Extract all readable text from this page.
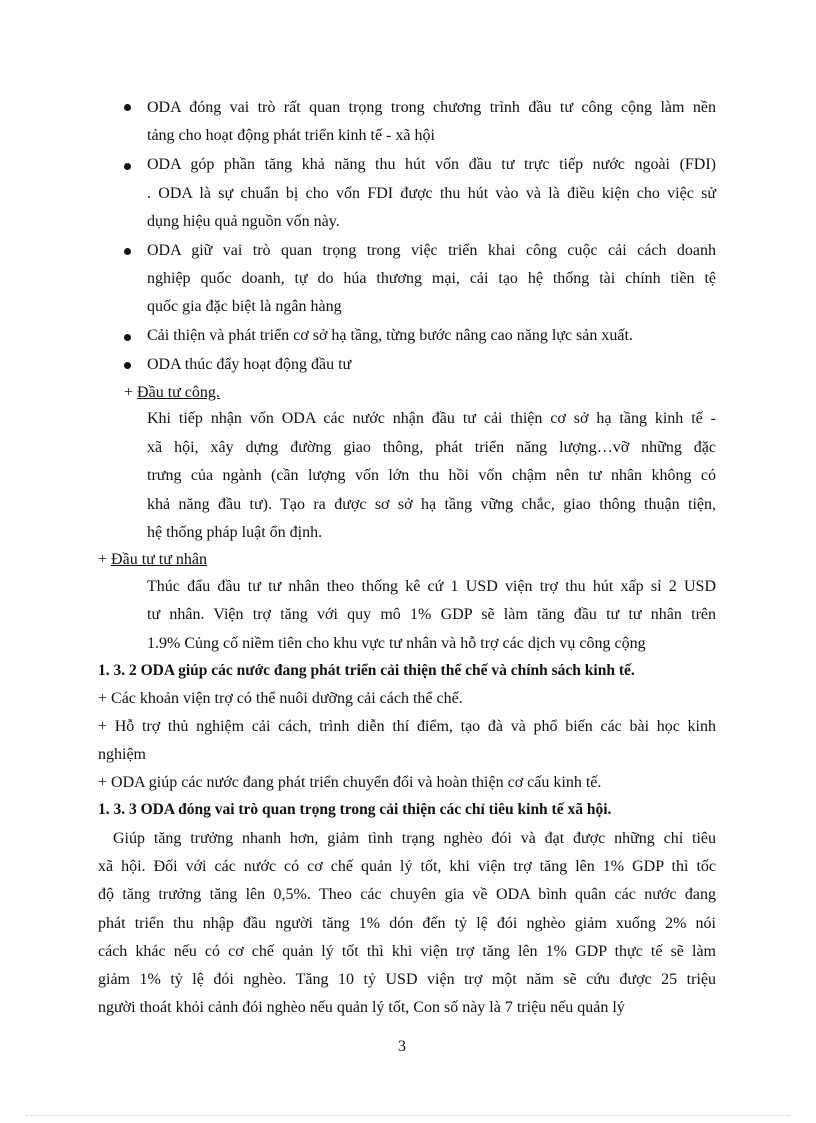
ODA đóng vai trò rất quan trọng trong chương trình đầu tư công cộng làm nền
tảng cho hoạt động phát triển kinh tế - xã hội
ODA góp phần tăng khả năng thu hút vốn đầu tư trực tiếp nước ngoài (FDI)
. ODA là sự chuẩn bị cho vốn FDI được thu hút vào và là điều kiện cho việc sử
dụng hiệu quả nguồn vốn này.
ODA giữ vai trò quan trọng trong việc triển khai công cuộc cải cách doanh
nghiệp quốc doanh, tự do húa thương mại, cải tạo hệ thống tài chính tiền tệ
quốc gia đặc biệt là ngân hàng
Cải thiện và phát triển cơ sở hạ tầng, từng bước nâng cao năng lực sản xuất.
ODA thúc đẩy hoạt động đầu tư
+ Đầu tư công.
Khi tiếp nhận vốn ODA các nước nhận đầu tư cải thiện cơ sở hạ tầng kinh tế -
xã hội, xây dựng đường giao thông, phát triển năng lượng…vỡ những đặc
trưng của ngành (cần lượng vốn lớn thu hồi vốn chậm nên tư nhân không có
khả năng đầu tư). Tạo ra được sơ sở hạ tầng vững chắc, giao thông thuận tiện,
hệ thống pháp luật ổn định.
+ Đầu tư tư nhân
Thúc đẩu đầu tư tư nhân theo thống kê cứ 1 USD viện trợ thu hút xấp sỉ 2 USD
tư nhân. Viện trợ tăng với quy mô 1% GDP sẽ làm tăng đầu tư tư nhân trên
1.9% Củng cố niềm tiên cho khu vực tư nhân và hỗ trợ các dịch vụ công cộng
1. 3. 2 ODA giúp các nước đang phát triển cải thiện thể chế và chính sách kinh tế.
+ Các khoản viện trợ có thể nuôi dưỡng cải cách thể chế.
+ Hỗ trợ thủ nghiệm cải cách, trình diễn thí điểm, tạo đà và phổ biến các bài học kinh
nghiệm
+ ODA giúp các nước đang phát triển chuyển đổi và hoàn thiện cơ cấu kinh tế.
1. 3. 3 ODA đóng vai trò quan trọng trong cải thiện các chỉ tiêu kinh tế xã hội.
Giúp tăng trưởng nhanh hơn, giảm tình trạng nghèo đói và đạt được những chỉ tiêu
xã hội. Đối với các nước có cơ chế quản lý tốt, khi viện trợ tăng lên 1% GDP thì tốc
độ tăng trưởng tăng lên 0,5%. Theo các chuyên gia về ODA bình quân các nước đang
phát triển thu nhập đầu người tăng 1% dón đến tỷ lệ đói nghèo giảm xuống 2% nói
cách khác nếu có cơ chế quản lý tốt thì khi viện trợ tăng lên 1% GDP thực tế sẽ làm
giảm 1% tỷ lệ đói nghèo. Tăng 10 tỷ USD viện trợ một năm sẽ cứu được 25 triệu
người thoát khỏi cảnh đói nghèo nếu quản lý tốt, Con số này là 7 triệu nếu quản lý
3
